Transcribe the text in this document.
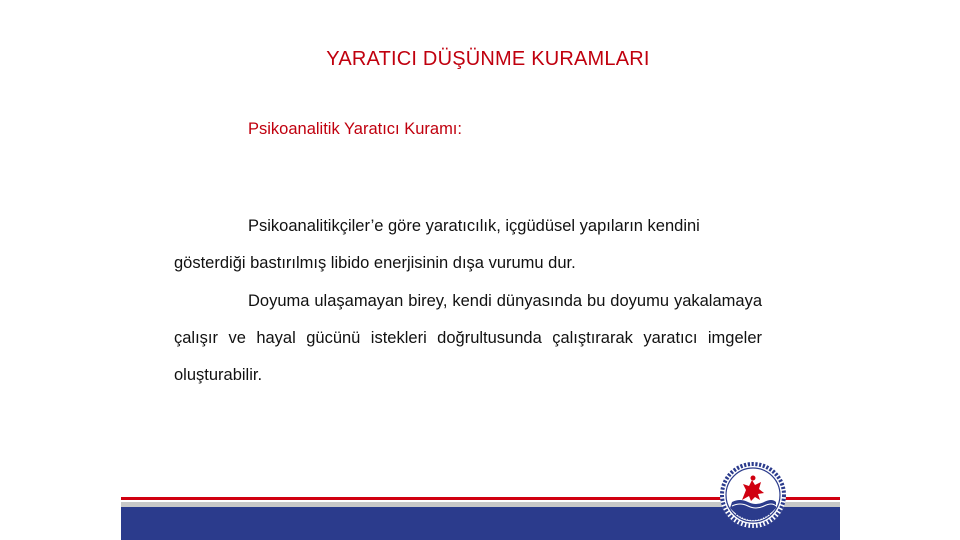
YARATICI DÜŞÜNME KURAMLARI
Psikoanalitik Yaratıcı Kuramı:

Psikoanalitikçiler’e göre yaratıcılık, içgüdüsel yapıların kendini gösterdiği bastırılmış libido enerjisinin dışa vurumu dur.

Doyuma ulaşamayan birey, kendi dünyasında bu doyumu yakalamaya çalışır ve hayal gücünü istekleri doğrultusunda çalıştırarak yaratıcı imgeler oluşturabilir.
